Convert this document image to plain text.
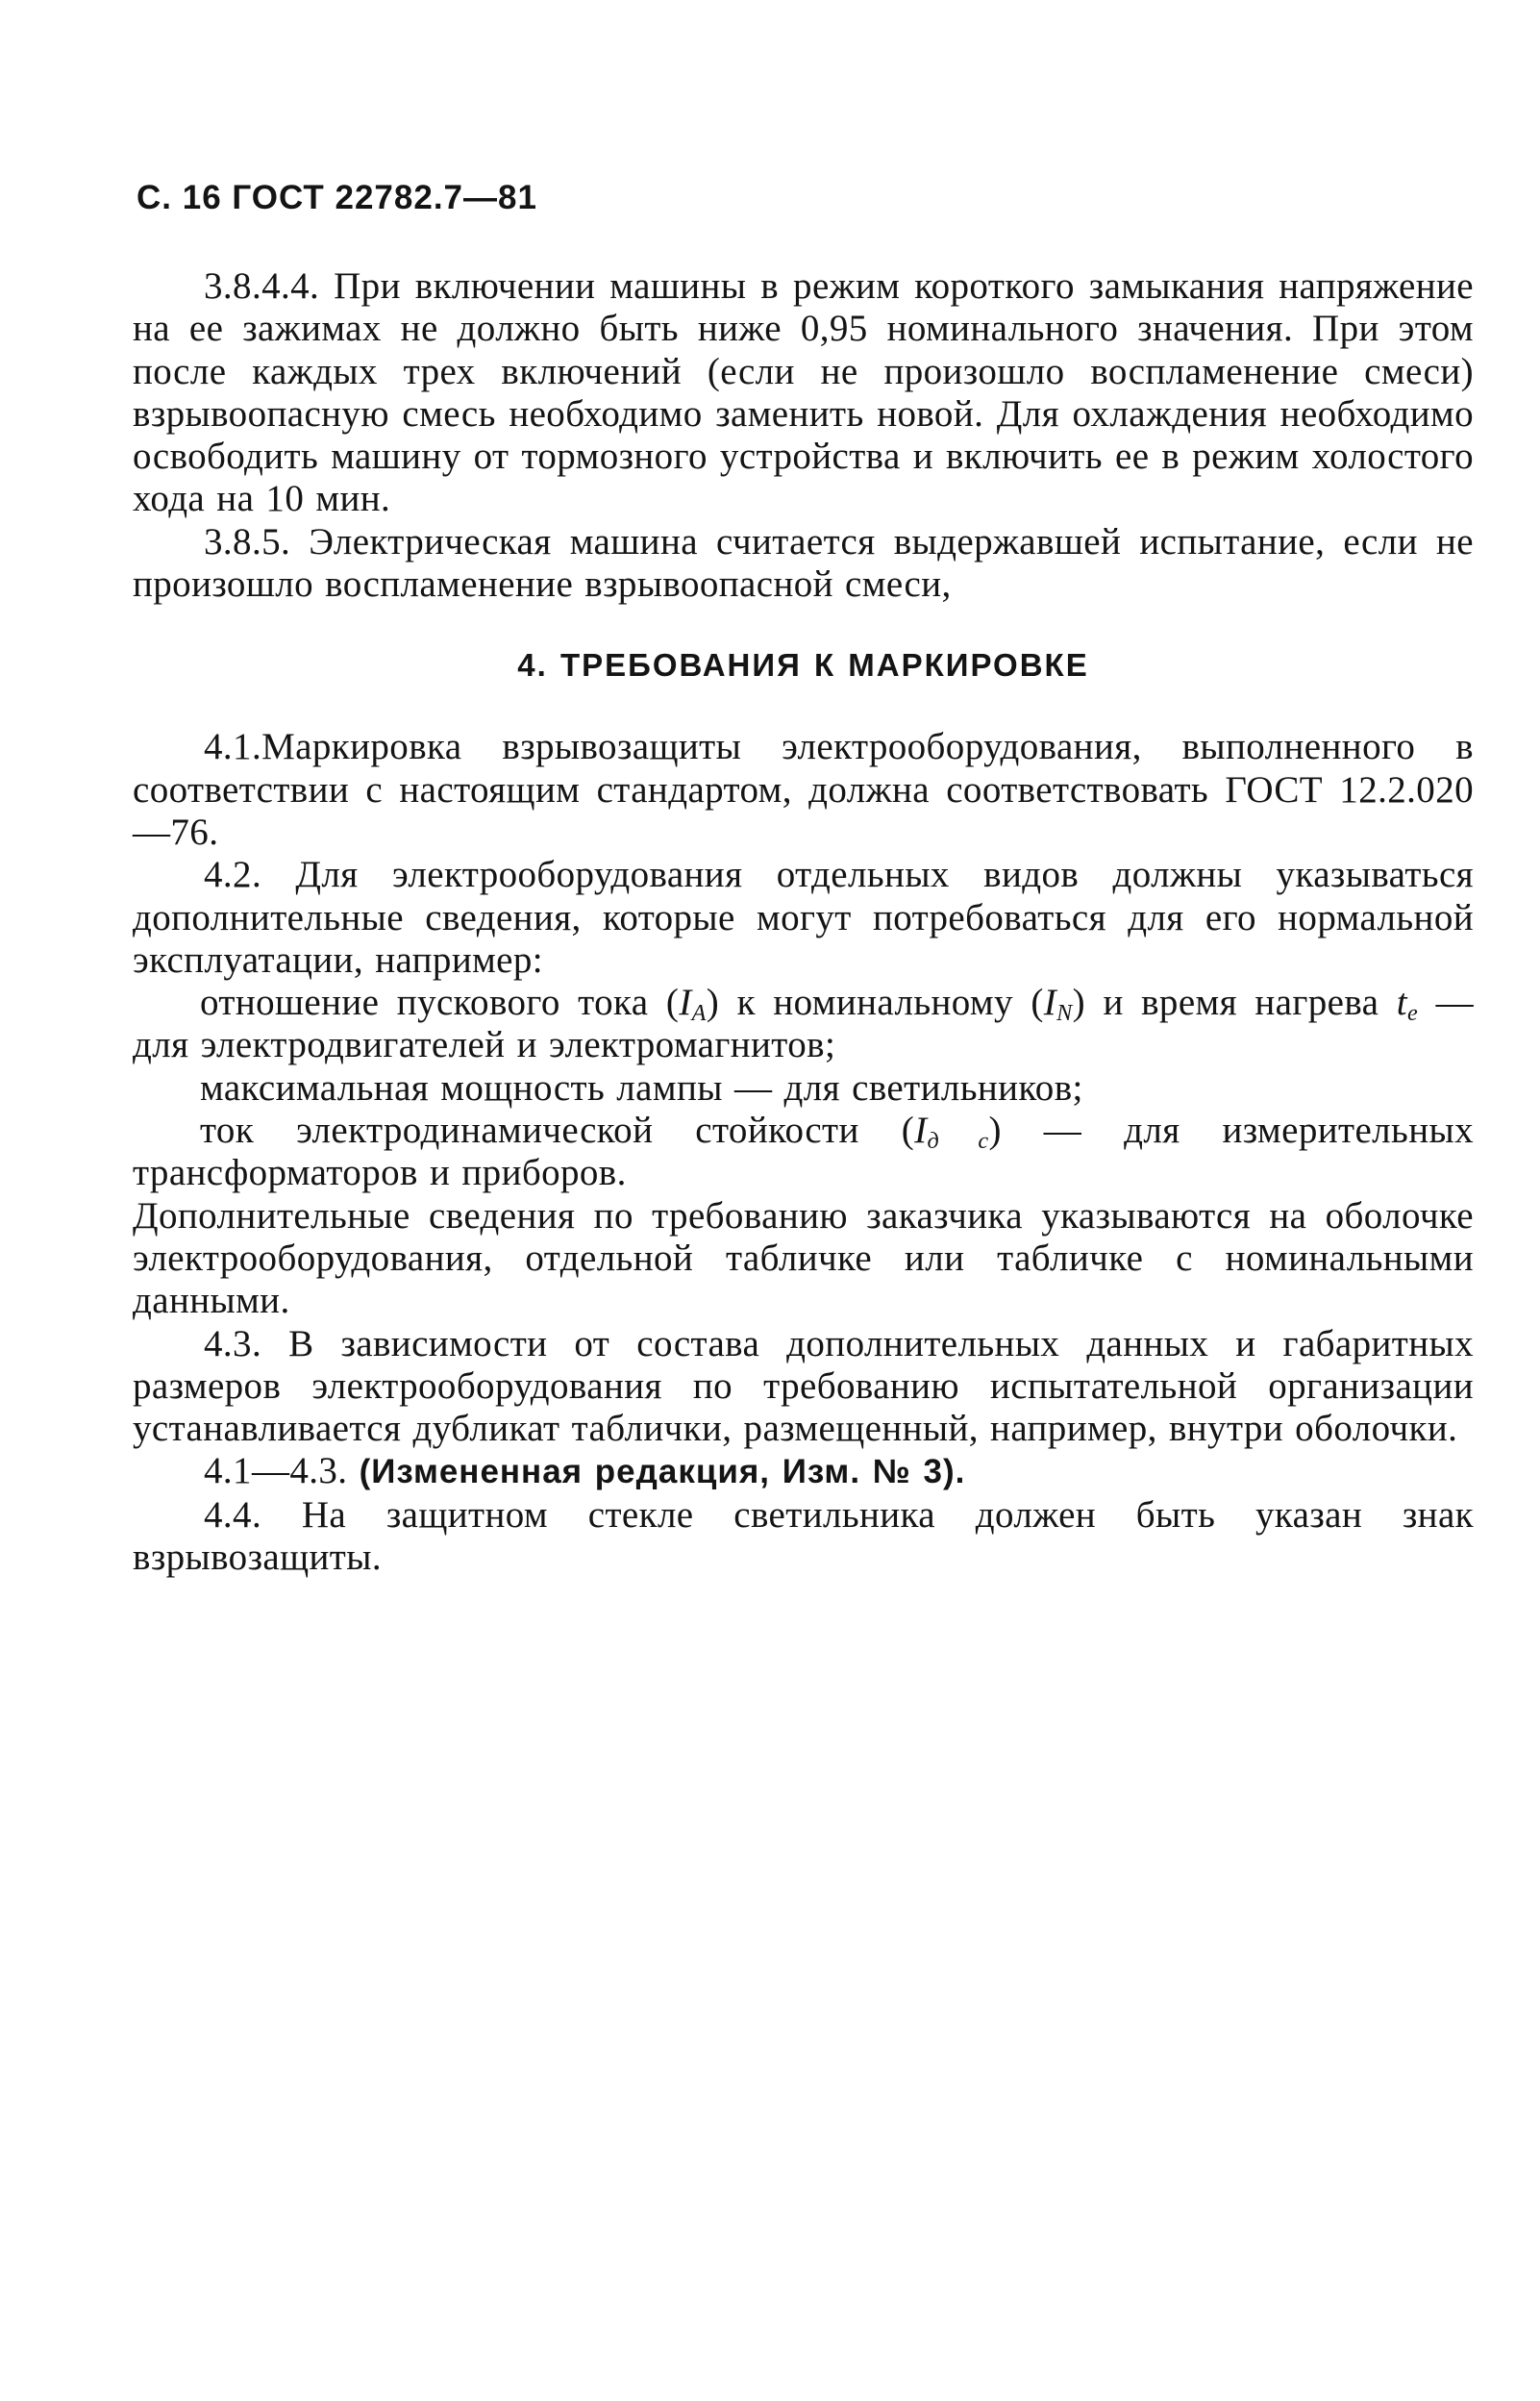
С. 16 ГОСТ 22782.7—81

3.8.4.4. При включении машины в режим короткого замыкания напряжение на ее зажимах не должно быть ниже 0,95 номинального значения. При этом после каждых трех включений (если не произошло воспламенение смеси) взрывоопасную смесь необходимо заменить новой. Для охлаждения необходимо освободить машину от тормозного устройства и включить ее в режим холостого хода на 10 мин.

3.8.5. Электрическая машина считается выдержавшей испытание, если не произошло воспламенение взрывоопасной смеси,

4. ТРЕБОВАНИЯ К МАРКИРОВКЕ

4.1.Маркировка взрывозащиты электрооборудования, выполненного в соответствии с настоящим стандартом, должна соответствовать ГОСТ 12.2.020—76.

4.2. Для электрооборудования отдельных видов должны указываться дополнительные сведения, которые могут потребоваться для его нормальной эксплуатации, например:

отношение пускового тока $(I_A)$ к номинальному $(I_N)$ и время нагрева $t_e$ — для электродвигателей и электромагнитов;

максимальная мощность лампы — для светильников;

ток электродинамической стойкости $(I_{д с})$ — для измерительных трансформаторов и приборов.

Дополнительные сведения по требованию заказчика указываются на оболочке электрооборудования, отдельной табличке или табличке с номинальными данными.

4.3. В зависимости от состава дополнительных данных и габаритных размеров электрооборудования по требованию испытательной организации устанавливается дубликат таблички, размещенный, например, внутри оболочки.

4.1—4.3. (Измененная редакция, Изм. № 3).

4.4. На защитном стекле светильника должен быть указан знак взрывозащиты.
